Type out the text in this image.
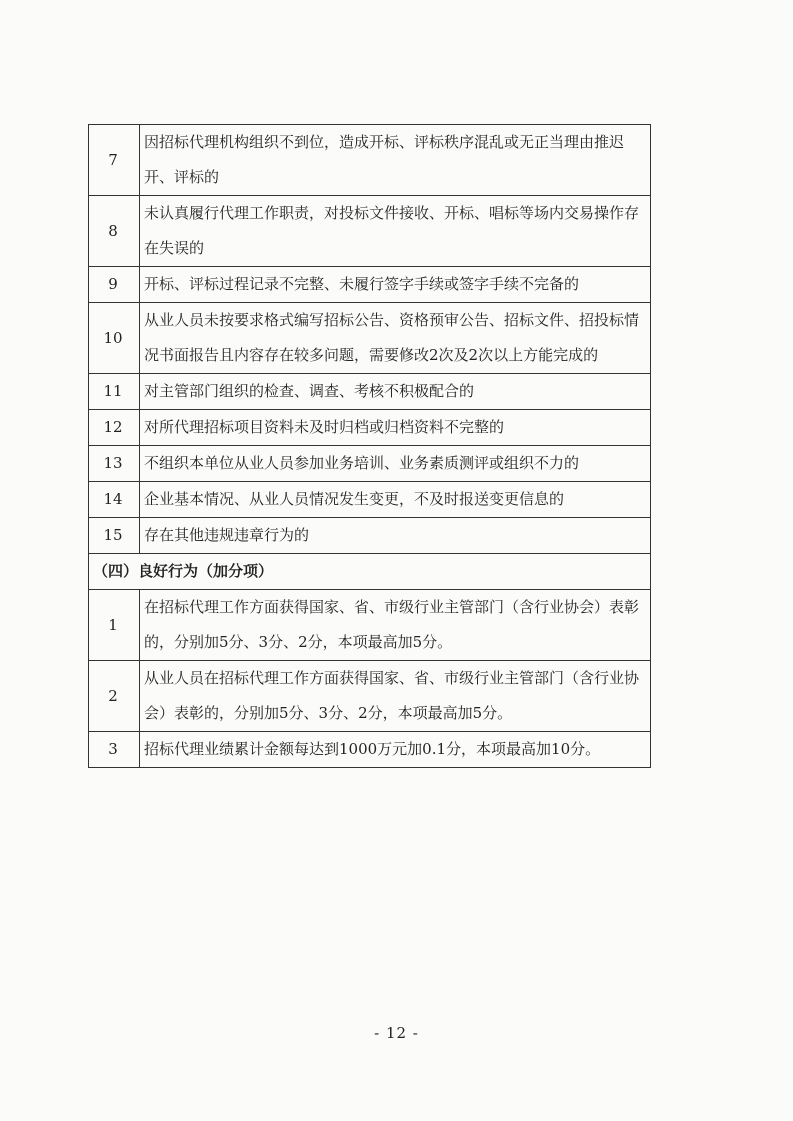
7	因招标代理机构组织不到位，造成开标、评标秩序混乱或无正当理由推迟开、评标的
8	未认真履行代理工作职责，对投标文件接收、开标、唱标等场内交易操作存在失误的
9	开标、评标过程记录不完整、未履行签字手续或签字手续不完备的
10	从业人员未按要求格式编写招标公告、资格预审公告、招标文件、招投标情况书面报告且内容存在较多问题，需要修改2次及2次以上方能完成的
11	对主管部门组织的检查、调查、考核不积极配合的
12	对所代理招标项目资料未及时归档或归档资料不完整的
13	不组织本单位从业人员参加业务培训、业务素质测评或组织不力的
14	企业基本情况、从业人员情况发生变更，不及时报送变更信息的
15	存在其他违规违章行为的
（四）良好行为（加分项）	
1	在招标代理工作方面获得国家、省、市级行业主管部门（含行业协会）表彰的，分别加5分、3分、2分，本项最高加5分。
2	从业人员在招标代理工作方面获得国家、省、市级行业主管部门（含行业协会）表彰的，分别加5分、3分、2分，本项最高加5分。
3	招标代理业绩累计金额每达到1000万元加0.1分，本项最高加10分。
- 12 -
